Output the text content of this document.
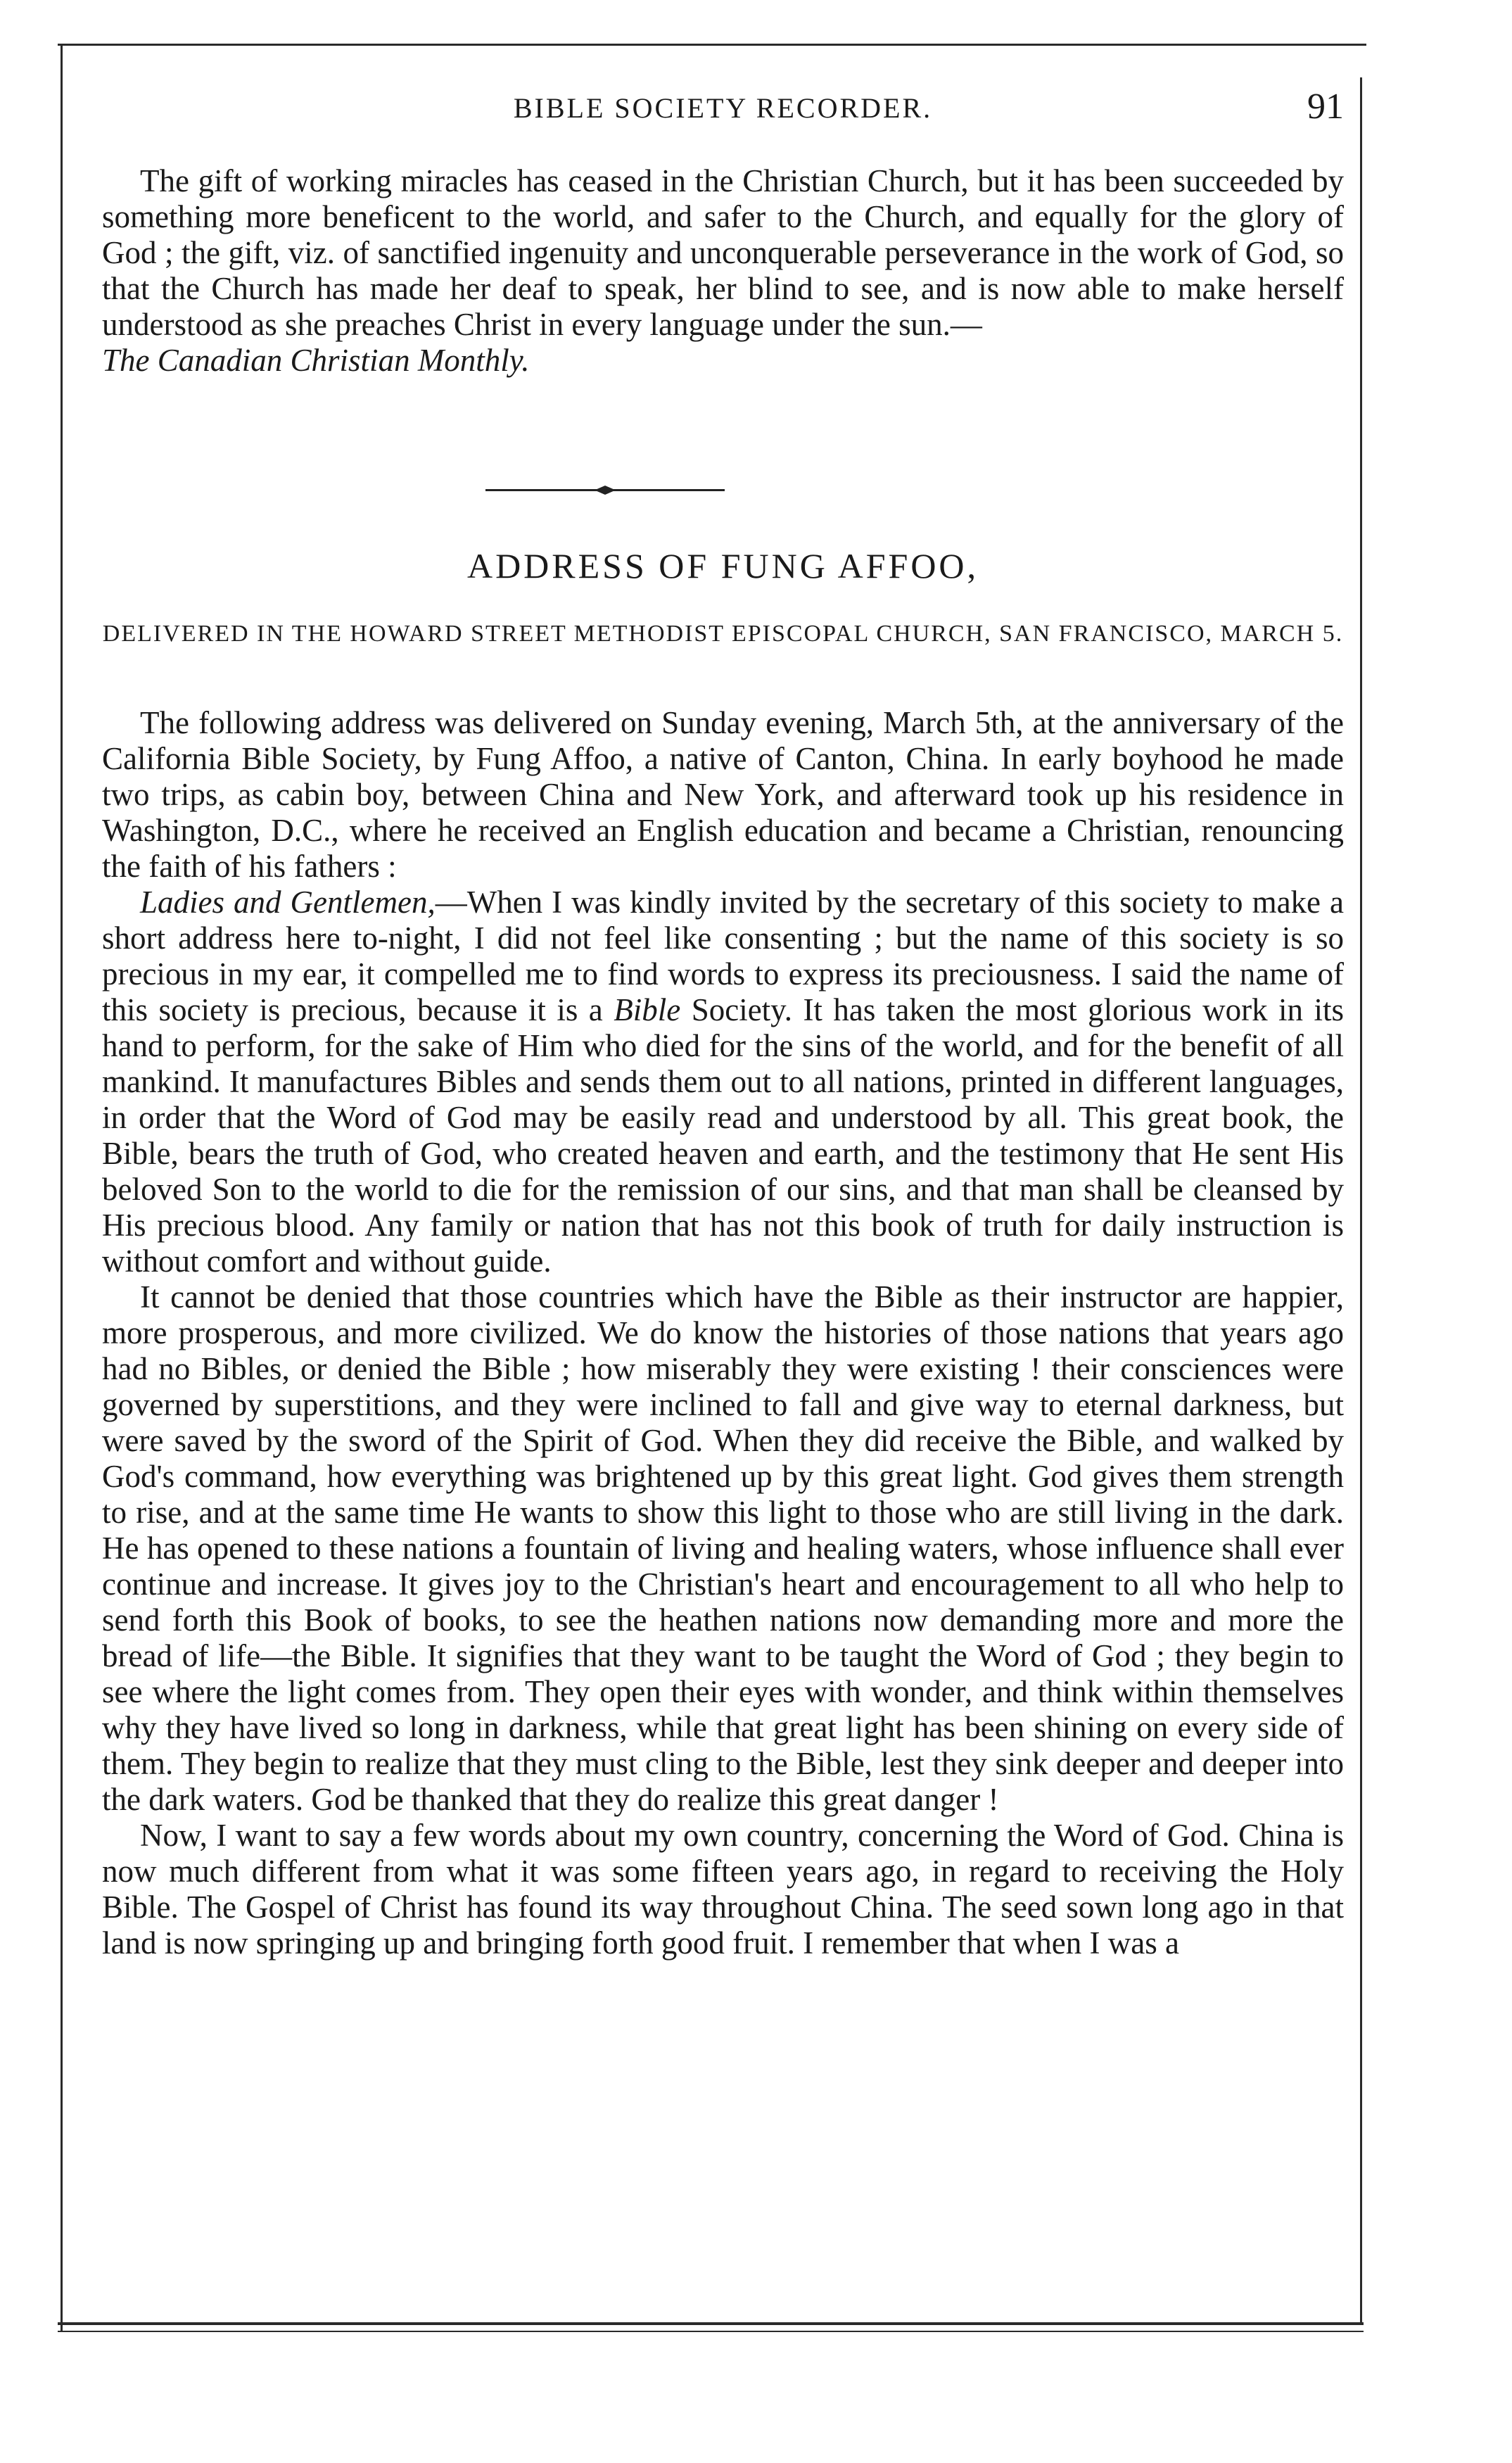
BIBLE SOCIETY RECORDER.	91

The gift of working miracles has ceased in the Christian Church, but it has been succeeded by something more beneficent to the world, and safer to the Church, and equally for the glory of God ; the gift, viz. of sanctified ingenuity and unconquerable perseverance in the work of God, so that the Church has made her deaf to speak, her blind to see, and is now able to make herself understood as she preaches Christ in every language under the sun.—
The Canadian Christian Monthly.

ADDRESS OF FUNG AFFOO,
DELIVERED IN THE HOWARD STREET METHODIST EPISCOPAL CHURCH, SAN FRANCISCO, MARCH 5.

The following address was delivered on Sunday evening, March 5th, at the anniversary of the California Bible Society, by Fung Affoo, a native of Canton, China. In early boyhood he made two trips, as cabin boy, between China and New York, and afterward took up his residence in Washington, D.C., where he received an English education and became a Christian, renouncing the faith of his fathers :

Ladies and Gentlemen,—When I was kindly invited by the secretary of this society to make a short address here to-night, I did not feel like consenting ; but the name of this society is so precious in my ear, it compelled me to find words to express its preciousness. I said the name of this society is precious, because it is a Bible Society. It has taken the most glorious work in its hand to perform, for the sake of Him who died for the sins of the world, and for the benefit of all mankind. It manufactures Bibles and sends them out to all nations, printed in different languages, in order that the Word of God may be easily read and understood by all. This great book, the Bible, bears the truth of God, who created heaven and earth, and the testimony that He sent His beloved Son to the world to die for the remission of our sins, and that man shall be cleansed by His precious blood. Any family or nation that has not this book of truth for daily instruction is without comfort and without guide.

It cannot be denied that those countries which have the Bible as their instructor are happier, more prosperous, and more civilized. We do know the histories of those nations that years ago had no Bibles, or denied the Bible ; how miserably they were existing ! their consciences were governed by superstitions, and they were inclined to fall and give way to eternal darkness, but were saved by the sword of the Spirit of God. When they did receive the Bible, and walked by God's command, how everything was brightened up by this great light. God gives them strength to rise, and at the same time He wants to show this light to those who are still living in the dark. He has opened to these nations a fountain of living and healing waters, whose influence shall ever continue and increase. It gives joy to the Christian's heart and encouragement to all who help to send forth this Book of books, to see the heathen nations now demanding more and more the bread of life—the Bible. It signifies that they want to be taught the Word of God ; they begin to see where the light comes from. They open their eyes with wonder, and think within themselves why they have lived so long in darkness, while that great light has been shining on every side of them. They begin to realize that they must cling to the Bible, lest they sink deeper and deeper into the dark waters. God be thanked that they do realize this great danger !

Now, I want to say a few words about my own country, concerning the Word of God. China is now much different from what it was some fifteen years ago, in regard to receiving the Holy Bible. The Gospel of Christ has found its way throughout China. The seed sown long ago in that land is now springing up and bringing forth good fruit. I remember that when I was a
